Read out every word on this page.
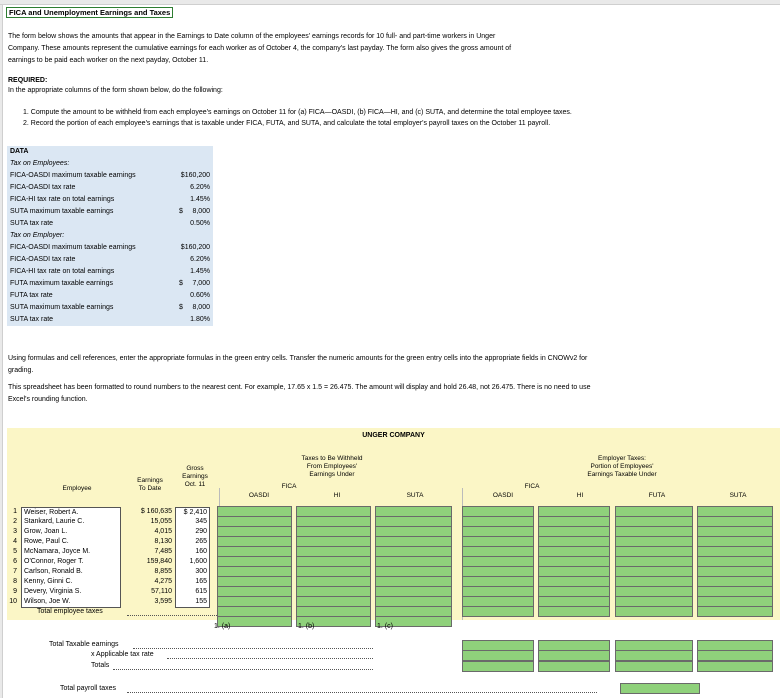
FICA and Unemployment Earnings and Taxes
The form below shows the amounts that appear in the Earnings to Date column of the employees' earnings records for 10 full- and part-time workers in Unger
Company. These amounts represent the cumulative earnings for each worker as of October 4, the company's last payday. The form also gives the gross amount of
earnings to be paid each worker on the next payday, October 11.
REQUIRED:
In the appropriate columns of the form shown below, do the following:
1. Compute the amount to be withheld from each employee's earnings on October 11 for (a) FICA—OASDI, (b) FICA—HI, and (c) SUTA, and determine the total employee taxes.
2. Record the portion of each employee's earnings that is taxable under FICA, FUTA, and SUTA, and calculate the total employer's payroll taxes on the October 11 payroll.
DATA
Tax on Employees:
FICA-OASDI maximum taxable earnings	$160,200
FICA-OASDI tax rate	6.20%
FICA-HI tax rate on total earnings	1.45%
SUTA maximum taxable earnings	$ 8,000
SUTA tax rate	0.50%
Tax on Employer:
FICA-OASDI maximum taxable earnings	$160,200
FICA-OASDI tax rate	6.20%
FICA-HI tax rate on total earnings	1.45%
FUTA maximum taxable earnings	$ 7,000
FUTA tax rate	0.60%
SUTA maximum taxable earnings	$ 8,000
SUTA tax rate	1.80%
Using formulas and cell references, enter the appropriate formulas in the green entry cells. Transfer the numeric amounts for the green entry cells into the appropriate fields in CNOWv2 for
grading.
This spreadsheet has been formatted to round numbers to the nearest cent. For example, 17.65 x 1.5 = 26.475. The amount will display and hold 26.48, not 26.475. There is no need to use
Excel's rounding function.
UNGER COMPANY
Employee
Earnings
To Date
Gross
Earnings
Oct. 11
Taxes to Be Withheld
From Employees'
Earnings Under
FICA
OASDI	HI	SUTA
Employer Taxes:
Portion of Employees'
Earnings Taxable Under
FICA
OASDI	HI	FUTA	SUTA
1	Weiser, Robert A.	$ 160,635	$ 2,410
2	Stankard, Laurie C.	15,055	345
3	Grow, Joan L.	4,015	290
4	Rowe, Paul C.	8,130	265
5	McNamara, Joyce M.	7,485	160
6	O'Connor, Roger T.	159,840	1,600
7	Carlson, Ronald B.	8,855	300
8	Kenny, Ginni C.	4,275	165
9	Devery, Virginia S.	57,110	615
10	Wilson, Joe W.	3,595	155
Total employee taxes
1. (a)	1. (b)	1. (c)
Total Taxable earnings
x Applicable tax rate
Totals
Total payroll taxes
